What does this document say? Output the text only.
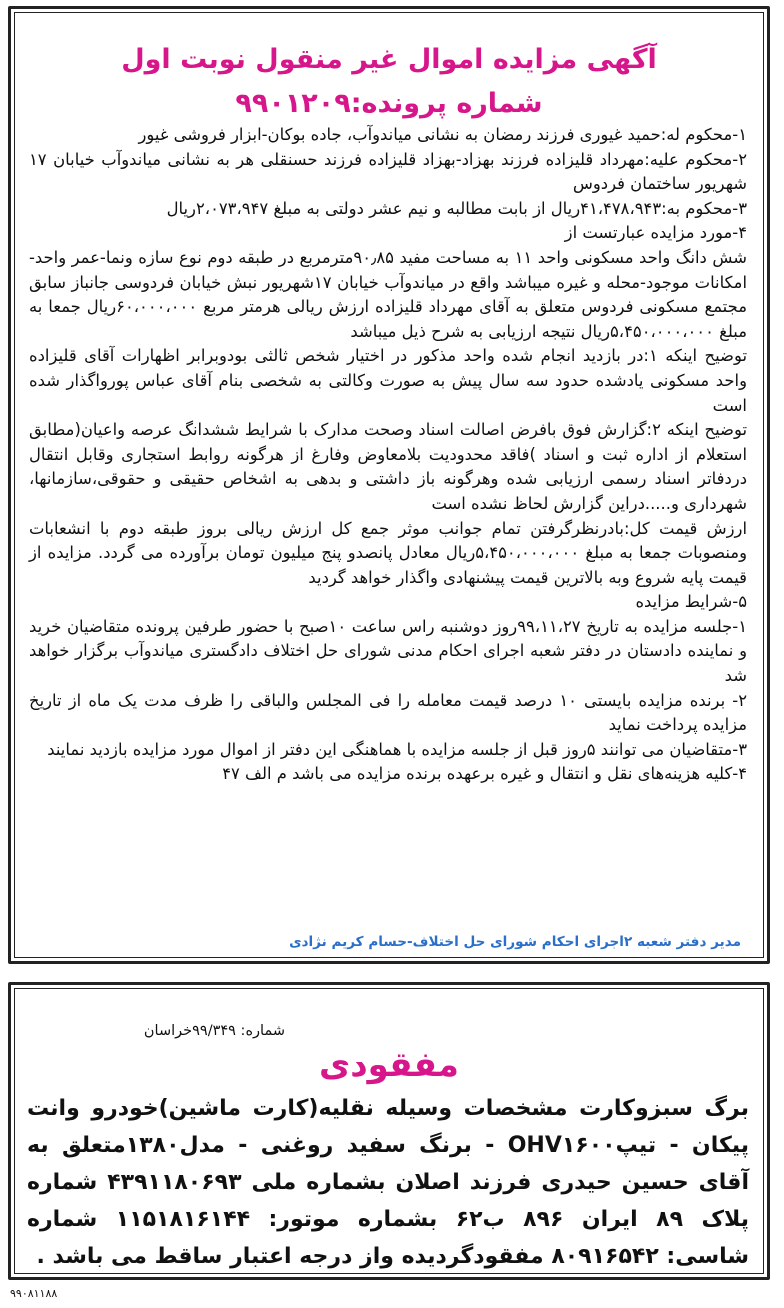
آگهی مزایده اموال غیر منقول نوبت اول
شماره پرونده:۹۹۰۱۲۰۹

۱-محکوم له:حمید غیوری فرزند رمضان به نشانی میاندوآب، جاده بوکان-ابزار فروشی غیور

۲-محکوم علیه:مهرداد قلیزاده فرزند بهزاد-بهزاد قلیزاده فرزند حسنقلی هر به نشانی میاندوآب خیابان ۱۷ شهریور ساختمان فردوس

۳-محکوم به:۴۱،۴۷۸،۹۴۳ریال از بابت مطالبه و نیم عشر دولتی به مبلغ ۲،۰۷۳،۹۴۷ریال

۴-مورد مزایده عبارتست از

شش دانگ واحد مسکونی واحد ۱۱ به مساحت مفید ۹۰٫۸۵مترمربع در طبقه دوم نوع سازه ونما-عمر واحد-امکانات موجود-محله و غیره میباشد واقع در میاندوآب خیابان ۱۷شهریور نبش خیابان فردوسی جانباز سابق مجتمع مسکونی فردوس متعلق به آقای مهرداد قلیزاده ارزش ریالی هرمتر مربع ۶۰،۰۰۰،۰۰۰ریال جمعا به مبلغ ۵،۴۵۰،۰۰۰،۰۰۰ریال نتیجه ارزیابی به شرح ذیل میباشد

توضیح اینکه ۱:در بازدید انجام شده واحد مذکور در اختیار شخص ثالثی بودوبرابر اظهارات آقای قلیزاده واحد مسکونی یادشده حدود سه سال پیش به صورت وکالتی به شخصی بنام آقای عباس پورواگذار شده است

توضیح اینکه ۲:گزارش فوق بافرض اصالت اسناد وصحت مدارک با شرایط ششدانگ عرصه واعیان(مطابق استعلام از اداره ثبت و اسناد )فاقد محدودیت بلامعاوض وفارغ از هرگونه روابط استجاری وقابل انتقال دردفاتر اسناد رسمی ارزیابی شده وهرگونه باز داشتی و بدهی به اشخاص حقیقی و حقوقی،سازمانها، شهرداری و.....دراین گزارش لحاظ نشده است

ارزش قیمت کل:بادرنظرگرفتن تمام جوانب موثر جمع کل ارزش ریالی بروز طبقه دوم با انشعابات ومنصوبات جمعا به مبلغ ۵،۴۵۰،۰۰۰،۰۰۰ریال معادل پانصدو پنج میلیون تومان برآورده می گردد. مزایده از قیمت پایه شروع وبه بالاترین قیمت پیشنهادی واگذار خواهد گردید

۵-شرایط مزایده

۱-جلسه مزایده به تاریخ ۹۹،۱۱،۲۷روز دوشنبه راس ساعت ۱۰صبح با حضور طرفین پرونده متقاضیان خرید و نماینده دادستان در دفتر شعبه اجرای احکام مدنی شورای حل اختلاف دادگستری میاندوآب برگزار خواهد شد

۲- برنده مزایده بایستی ۱۰ درصد قیمت معامله را فی المجلس والباقی را ظرف مدت یک ماه از تاریخ مزایده پرداخت نماید

۳-متقاضیان می توانند ۵روز قبل از جلسه مزایده با هماهنگی این دفتر از اموال مورد مزایده بازدید نمایند

۴-کلیه هزینه‌های نقل و انتقال و غیره برعهده برنده مزایده می باشد م الف ۴۷

مدیر دفتر شعبه ۲اجرای احکام شورای حل اختلاف-حسام کریم نژادی
شماره: ۹۹/۳۴۹خراسان
مفقودی

برگ سبزوکارت مشخصات وسیله نقلیه(کارت ماشین)خودرو وانت پیکان - تیپOHV۱۶۰۰ - برنگ سفید روغنی - مدل۱۳۸۰متعلق به آقای حسین حیدری فرزند اصلان بشماره ملی ۴۳۹۱۱۸۰۶۹۳ شماره پلاک ۸۹ ایران ۸۹۶ ب۶۲ بشماره موتور: ۱۱۵۱۸۱۶۱۴۴ شماره شاسی: ۸۰۹۱۶۵۴۲ مفقودگردیده واز درجه اعتبار ساقط می باشد .

۹۹۰۸۱۱۸۸
